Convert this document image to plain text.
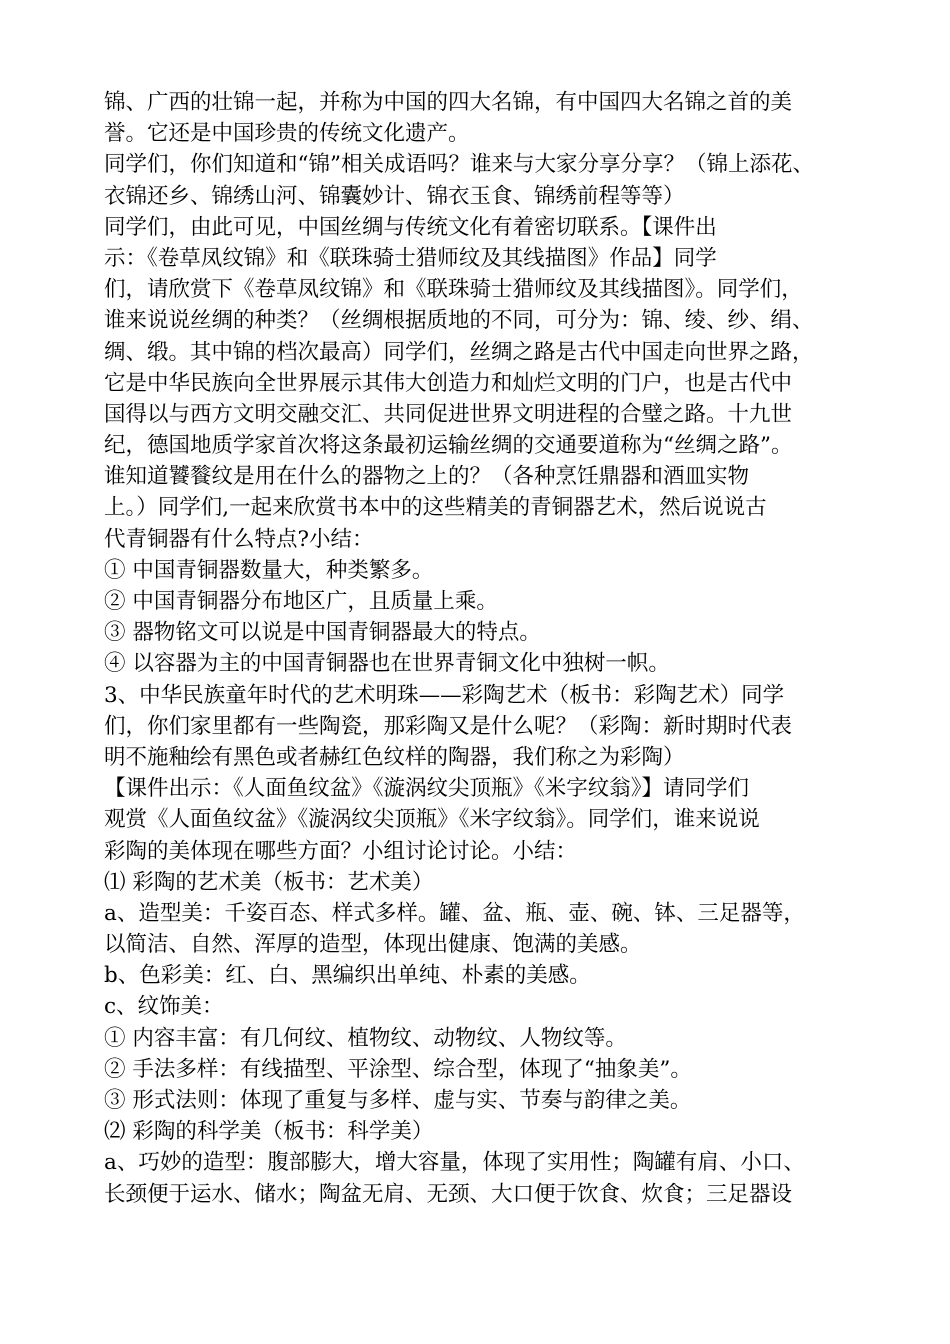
锦、广西的壮锦一起，并称为中国的四大名锦，有中国四大名锦之首的美
誉。它还是中国珍贵的传统文化遗产。
同学们，你们知道和“锦”相关成语吗？谁来与大家分享分享？（锦上添花、
衣锦还乡、锦绣山河、锦囊妙计、锦衣玉食、锦绣前程等等）
同学们，由此可见，中国丝绸与传统文化有着密切联系。【课件出
示：《卷草凤纹锦》和《联珠骑士猎师纹及其线描图》作品】同学
们，请欣赏下《卷草凤纹锦》和《联珠骑士猎师纹及其线描图》。同学们，
谁来说说丝绸的种类？（丝绸根据质地的不同，可分为：锦、绫、纱、绢、
绸、缎。其中锦的档次最高）同学们，丝绸之路是古代中国走向世界之路，
它是中华民族向全世界展示其伟大创造力和灿烂文明的门户，也是古代中
国得以与西方文明交融交汇、共同促进世界文明进程的合璧之路。十九世
纪，德国地质学家首次将这条最初运输丝绸的交通要道称为“丝绸之路”。
谁知道饕餮纹是用在什么的器物之上的？（各种烹饪鼎器和酒皿实物
上。）同学们,一起来欣赏书本中的这些精美的青铜器艺术，然后说说古
代青铜器有什么特点?小结：
① 中国青铜器数量大，种类繁多。
② 中国青铜器分布地区广，且质量上乘。
③ 器物铭文可以说是中国青铜器最大的特点。
④ 以容器为主的中国青铜器也在世界青铜文化中独树一帜。
3、中华民族童年时代的艺术明珠——彩陶艺术（板书：彩陶艺术）同学
们，你们家里都有一些陶瓷，那彩陶又是什么呢？（彩陶：新时期时代表
明不施釉绘有黑色或者赫红色纹样的陶器，我们称之为彩陶）
【课件出示：《人面鱼纹盆》《漩涡纹尖顶瓶》《米字纹翁》】请同学们
观赏《人面鱼纹盆》《漩涡纹尖顶瓶》《米字纹翁》。同学们，谁来说说
彩陶的美体现在哪些方面？小组讨论讨论。小结：
⑴ 彩陶的艺术美（板书：艺术美）
a、造型美：千姿百态、样式多样。罐、盆、瓶、壶、碗、钵、三足器等，
以简洁、自然、浑厚的造型，体现出健康、饱满的美感。
b、色彩美：红、白、黑编织出单纯、朴素的美感。
c、纹饰美：
① 内容丰富：有几何纹、植物纹、动物纹、人物纹等。
② 手法多样：有线描型、平涂型、综合型，体现了“抽象美”。
③ 形式法则：体现了重复与多样、虚与实、节奏与韵律之美。
⑵ 彩陶的科学美（板书：科学美）
a、巧妙的造型：腹部膨大，增大容量，体现了实用性；陶罐有肩、小口、
长颈便于运水、储水；陶盆无肩、无颈、大口便于饮食、炊食；三足器设
